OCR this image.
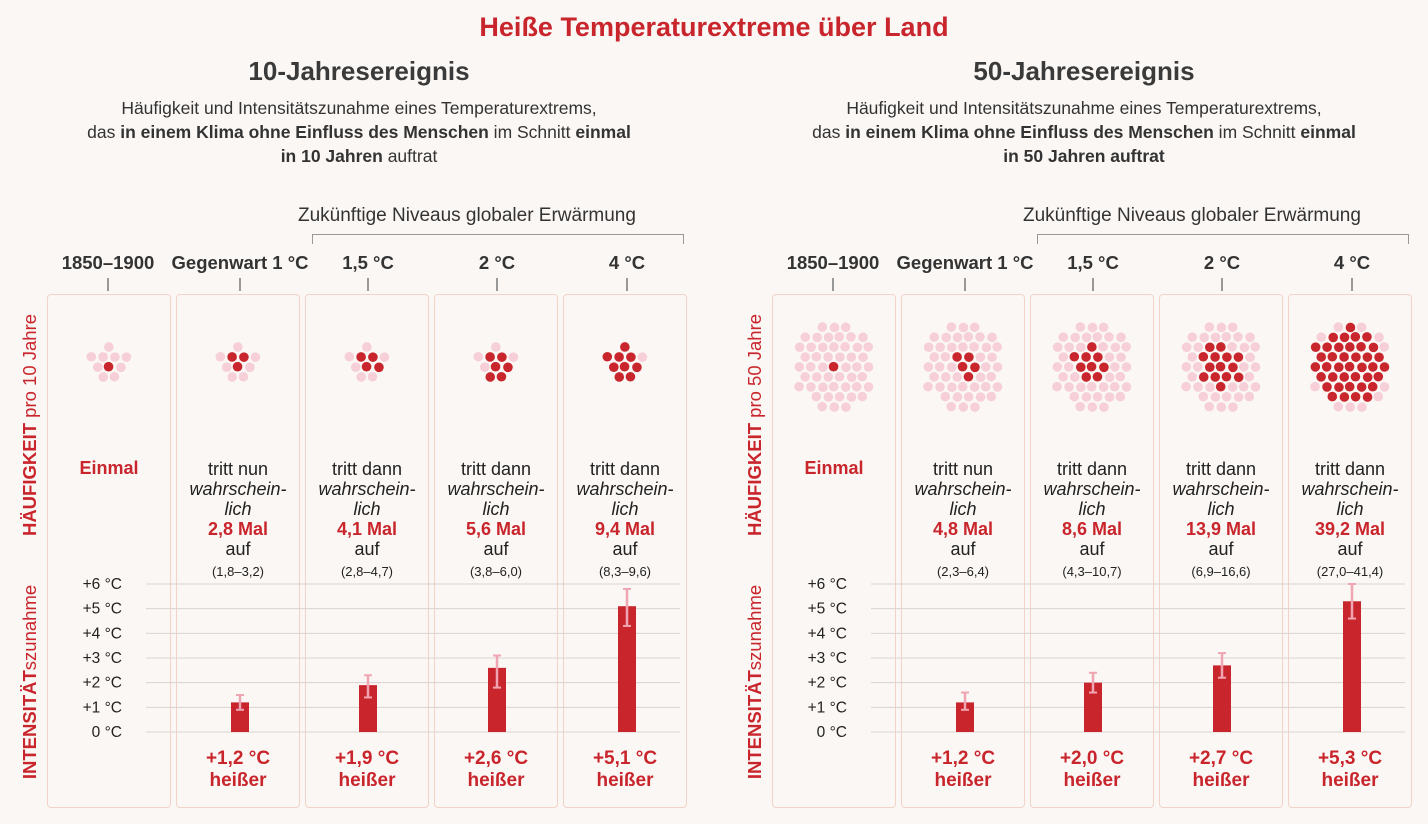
Heiße Temperaturextreme über Land
10-Jahresereignis
Häufigkeit und Intensitätszunahme eines Temperaturextrems,
das in einem Klima ohne Einfluss des Menschen im Schnitt einmal
in 10 Jahren auftrat
Zukünftige Niveaus globaler Erwärmung
HÄUFIGKEIT pro 10 Jahre
INTENSITÄTszunahme
1850–1900
Einmal
Gegenwart 1 °C
tritt nun
wahrschein-
lich
2,8 Mal
auf
(1,8–3,2)
1,5 °C
tritt dann
wahrschein-
lich
4,1 Mal
auf
(2,8–4,7)
2 °C
tritt dann
wahrschein-
lich
5,6 Mal
auf
(3,8–6,0)
4 °C
tritt dann
wahrschein-
lich
9,4 Mal
auf
(8,3–9,6)
+6 °C
+5 °C
+4 °C
+3 °C
+2 °C
+1 °C
0 °C
+1,2 °C
heißer
+1,9 °C
heißer
+2,6 °C
heißer
+5,1 °C
heißer
50-Jahresereignis
Häufigkeit und Intensitätszunahme eines Temperaturextrems,
das in einem Klima ohne Einfluss des Menschen im Schnitt einmal
in 50 Jahren auftrat
Zukünftige Niveaus globaler Erwärmung
HÄUFIGKEIT pro 50 Jahre
INTENSITÄTszunahme
1850–1900
Einmal
Gegenwart 1 °C
tritt nun
wahrschein-
lich
4,8 Mal
auf
(2,3–6,4)
1,5 °C
tritt dann
wahrschein-
lich
8,6 Mal
auf
(4,3–10,7)
2 °C
tritt dann
wahrschein-
lich
13,9 Mal
auf
(6,9–16,6)
4 °C
tritt dann
wahrschein-
lich
39,2 Mal
auf
(27,0–41,4)
+6 °C
+5 °C
+4 °C
+3 °C
+2 °C
+1 °C
0 °C
+1,2 °C
heißer
+2,0 °C
heißer
+2,7 °C
heißer
+5,3 °C
heißer
